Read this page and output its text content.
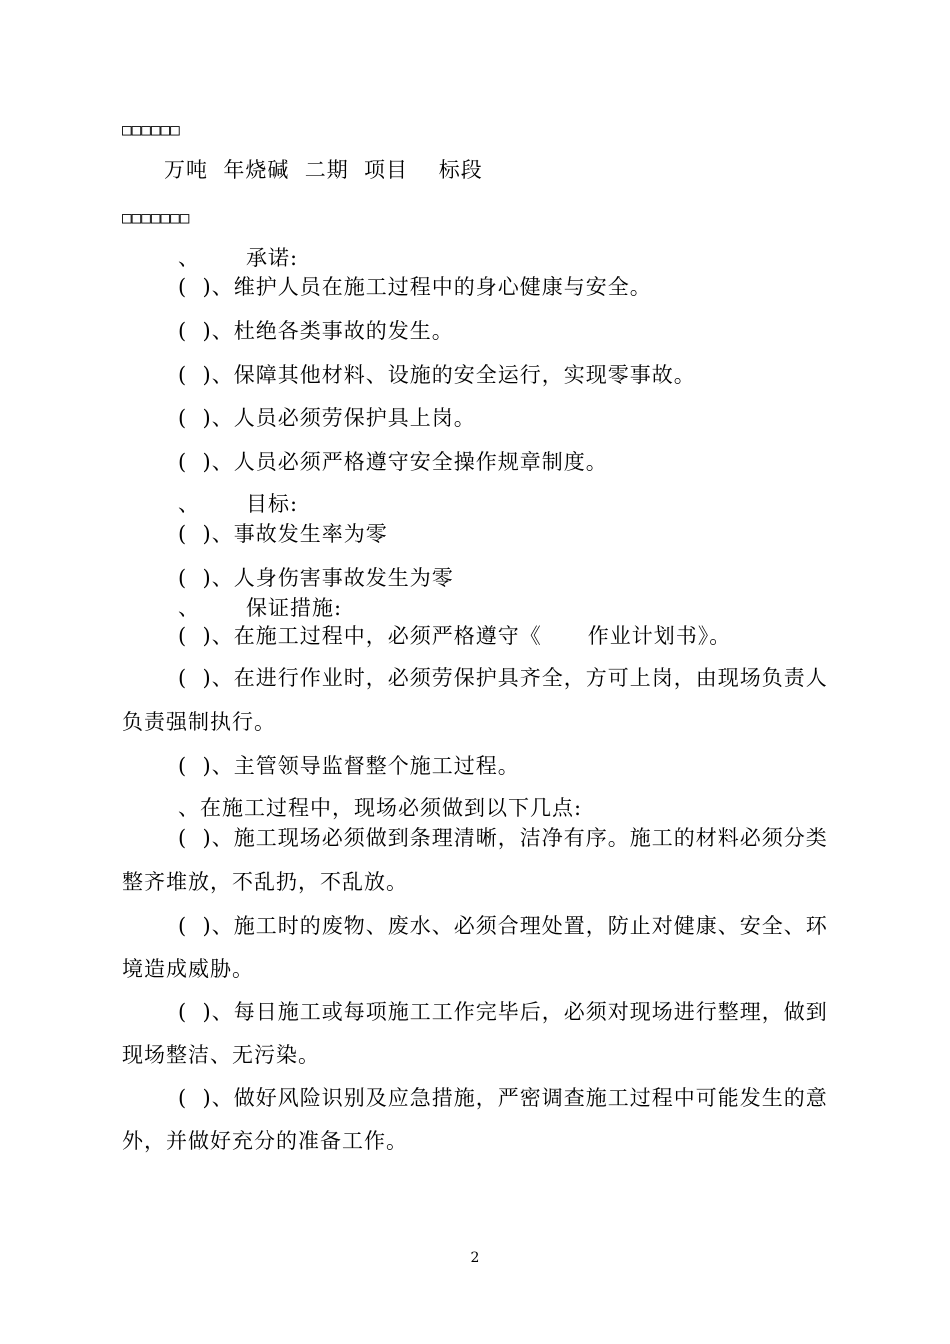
□□□□□□
万吨  年烧碱  二期  项目    标段
□□□□□□□
、      承诺:
(  )、维护人员在施工过程中的身心健康与安全。
(  )、杜绝各类事故的发生。
(  )、保障其他材料、设施的安全运行，实现零事故。
(  )、人员必须劳保护具上岗。
(  )、人员必须严格遵守安全操作规章制度。
、      目标:
(  )、事故发生率为零
(  )、人身伤害事故发生为零
、      保证措施:
(  )、在施工过程中，必须严格遵守《      作业计划书》。
(  )、在进行作业时，必须劳保护具齐全，方可上岗，由现场负责人
负责强制执行。
(  )、主管领导监督整个施工过程。
、在施工过程中，现场必须做到以下几点:
(  )、施工现场必须做到条理清晰，洁净有序。施工的材料必须分类
整齐堆放，不乱扔，不乱放。
(  )、施工时的废物、废水、必须合理处置，防止对健康、安全、环
境造成威胁。
(  )、每日施工或每项施工工作完毕后，必须对现场进行整理，做到
现场整洁、无污染。
(  )、做好风险识别及应急措施，严密调查施工过程中可能发生的意
外，并做好充分的准备工作。
2
